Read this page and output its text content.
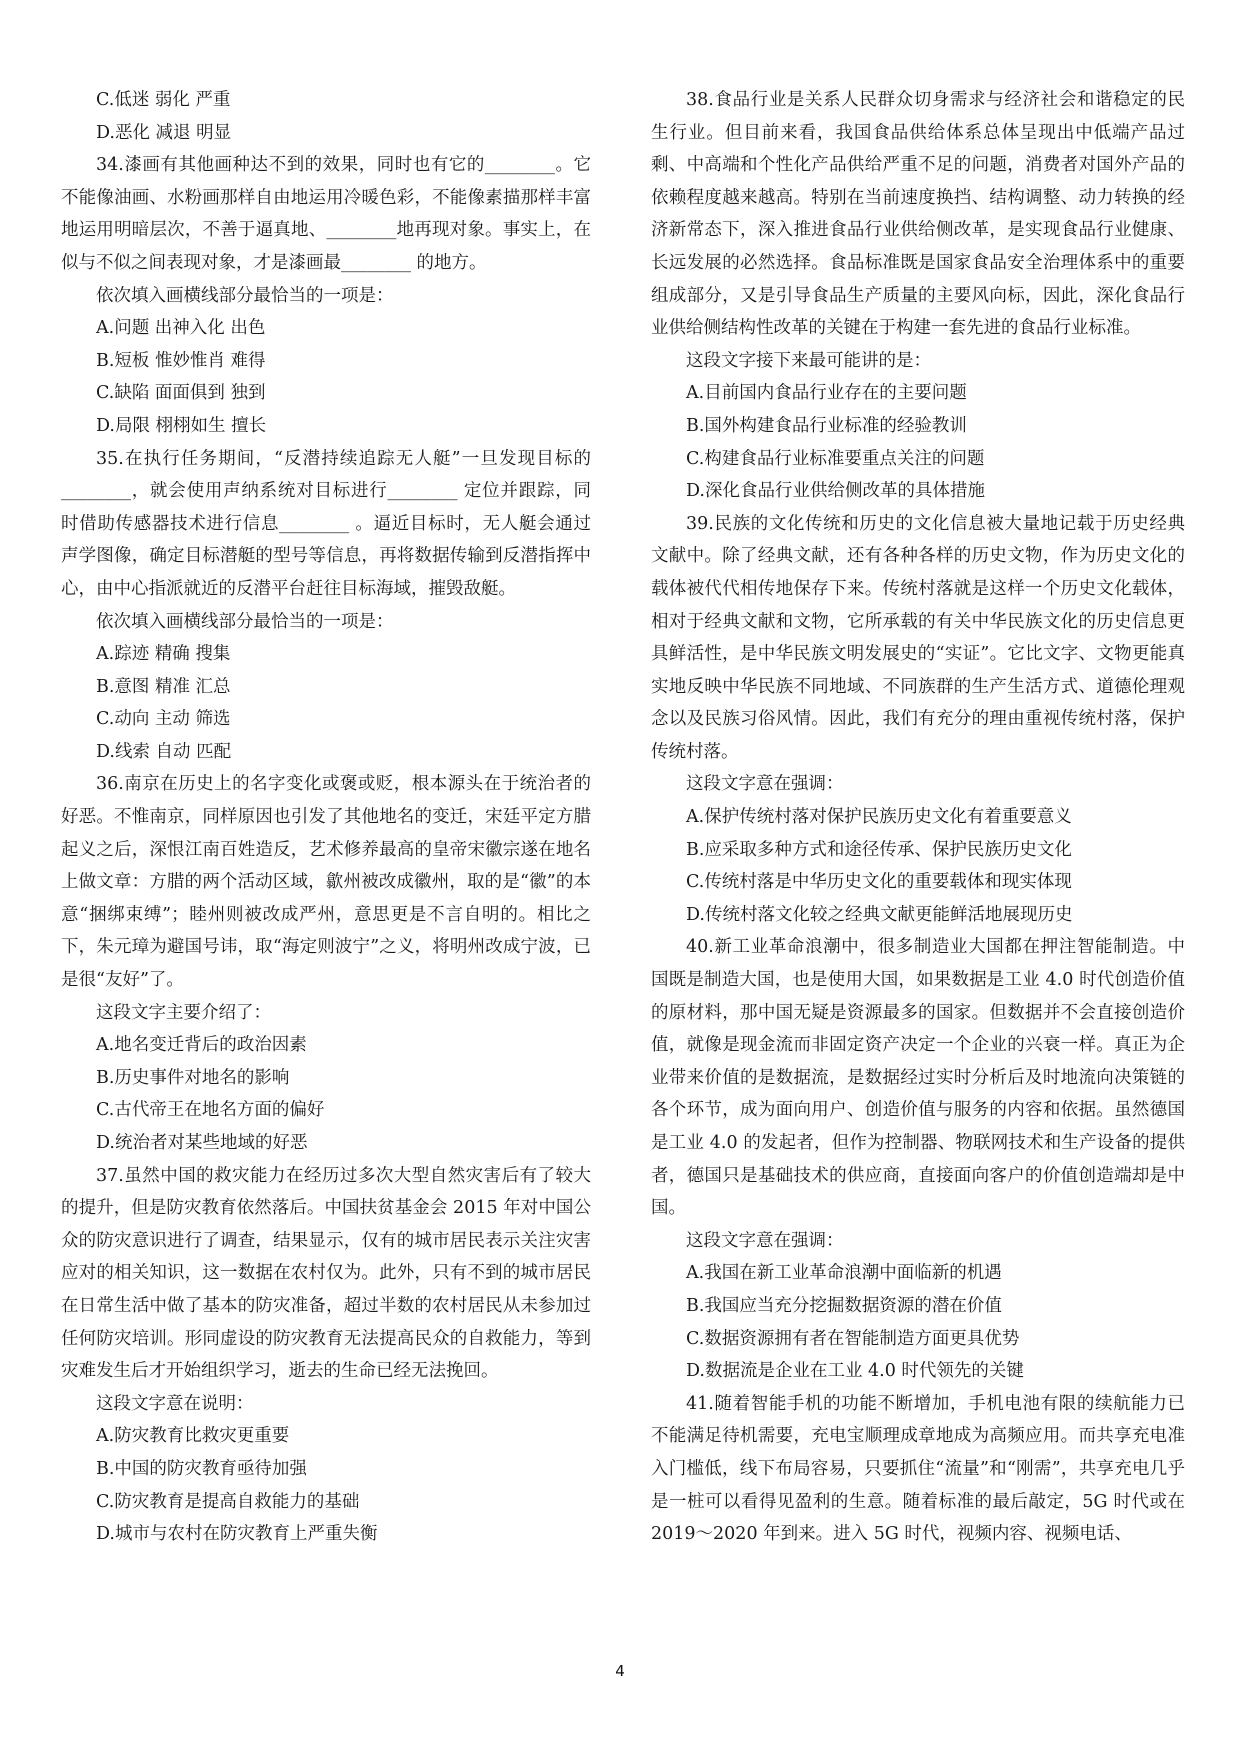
C.低迷 弱化 严重

D.恶化 减退 明显

34.漆画有其他画种达不到的效果，同时也有它的________。它不能像油画、水粉画那样自由地运用冷暖色彩，不能像素描那样丰富地运用明暗层次，不善于逼真地、________地再现对象。事实上，在似与不似之间表现对象，才是漆画最________ 的地方。

依次填入画横线部分最恰当的一项是：

A.问题 出神入化 出色

B.短板 惟妙惟肖 难得

C.缺陷 面面俱到 独到

D.局限 栩栩如生 擅长

35.在执行任务期间，“反潜持续追踪无人艇”一旦发现目标的________，就会使用声纳系统对目标进行________ 定位并跟踪，同时借助传感器技术进行信息________ 。逼近目标时，无人艇会通过声学图像，确定目标潜艇的型号等信息，再将数据传输到反潜指挥中心，由中心指派就近的反潜平台赶往目标海域，摧毁敌艇。

依次填入画横线部分最恰当的一项是：

A.踪迹 精确 搜集

B.意图 精准 汇总

C.动向 主动 筛选

D.线索 自动 匹配

36.南京在历史上的名字变化或褒或贬，根本源头在于统治者的好恶。不惟南京，同样原因也引发了其他地名的变迁，宋廷平定方腊起义之后，深恨江南百姓造反，艺术修养最高的皇帝宋徽宗遂在地名上做文章：方腊的两个活动区域，歙州被改成徽州，取的是“徽”的本意“捆绑束缚”；睦州则被改成严州，意思更是不言自明的。相比之下，朱元璋为避国号讳，取“海定则波宁”之义，将明州改成宁波，已是很“友好”了。

这段文字主要介绍了：

A.地名变迁背后的政治因素

B.历史事件对地名的影响

C.古代帝王在地名方面的偏好

D.统治者对某些地域的好恶

37.虽然中国的救灾能力在经历过多次大型自然灾害后有了较大的提升，但是防灾教育依然落后。中国扶贫基金会 2015 年对中国公众的防灾意识进行了调查，结果显示，仅有的城市居民表示关注灾害应对的相关知识，这一数据在农村仅为。此外，只有不到的城市居民在日常生活中做了基本的防灾准备，超过半数的农村居民从未参加过任何防灾培训。形同虚设的防灾教育无法提高民众的自救能力，等到灾难发生后才开始组织学习，逝去的生命已经无法挽回。

这段文字意在说明：

A.防灾教育比救灾更重要

B.中国的防灾教育亟待加强

C.防灾教育是提高自救能力的基础

D.城市与农村在防灾教育上严重失衡

38.食品行业是关系人民群众切身需求与经济社会和谐稳定的民生行业。但目前来看，我国食品供给体系总体呈现出中低端产品过剩、中高端和个性化产品供给严重不足的问题，消费者对国外产品的依赖程度越来越高。特别在当前速度换挡、结构调整、动力转换的经济新常态下，深入推进食品行业供给侧改革，是实现食品行业健康、长远发展的必然选择。食品标准既是国家食品安全治理体系中的重要组成部分，又是引导食品生产质量的主要风向标，因此，深化食品行业供给侧结构性改革的关键在于构建一套先进的食品行业标准。

这段文字接下来最可能讲的是：

A.目前国内食品行业存在的主要问题

B.国外构建食品行业标准的经验教训

C.构建食品行业标准要重点关注的问题

D.深化食品行业供给侧改革的具体措施

39.民族的文化传统和历史的文化信息被大量地记载于历史经典文献中。除了经典文献，还有各种各样的历史文物，作为历史文化的载体被代代相传地保存下来。传统村落就是这样一个历史文化载体，相对于经典文献和文物，它所承载的有关中华民族文化的历史信息更具鲜活性，是中华民族文明发展史的“实证”。它比文字、文物更能真实地反映中华民族不同地域、不同族群的生产生活方式、道德伦理观念以及民族习俗风情。因此，我们有充分的理由重视传统村落，保护传统村落。

这段文字意在强调：

A.保护传统村落对保护民族历史文化有着重要意义

B.应采取多种方式和途径传承、保护民族历史文化

C.传统村落是中华历史文化的重要载体和现实体现

D.传统村落文化较之经典文献更能鲜活地展现历史

40.新工业革命浪潮中，很多制造业大国都在押注智能制造。中国既是制造大国，也是使用大国，如果数据是工业 4.0 时代创造价值的原材料，那中国无疑是资源最多的国家。但数据并不会直接创造价值，就像是现金流而非固定资产决定一个企业的兴衰一样。真正为企业带来价值的是数据流，是数据经过实时分析后及时地流向决策链的各个环节，成为面向用户、创造价值与服务的内容和依据。虽然德国是工业 4.0 的发起者，但作为控制器、物联网技术和生产设备的提供者，德国只是基础技术的供应商，直接面向客户的价值创造端却是中国。

这段文字意在强调：

A.我国在新工业革命浪潮中面临新的机遇

B.我国应当充分挖掘数据资源的潜在价值

C.数据资源拥有者在智能制造方面更具优势

D.数据流是企业在工业 4.0 时代领先的关键

41.随着智能手机的功能不断增加，手机电池有限的续航能力已不能满足待机需要，充电宝顺理成章地成为高频应用。而共享充电准入门槛低，线下布局容易，只要抓住“流量”和“刚需”，共享充电几乎是一桩可以看得见盈利的生意。随着标准的最后敲定，5G 时代或在 2019～2020 年到来。进入 5G 时代，视频内容、视频电话、

4
